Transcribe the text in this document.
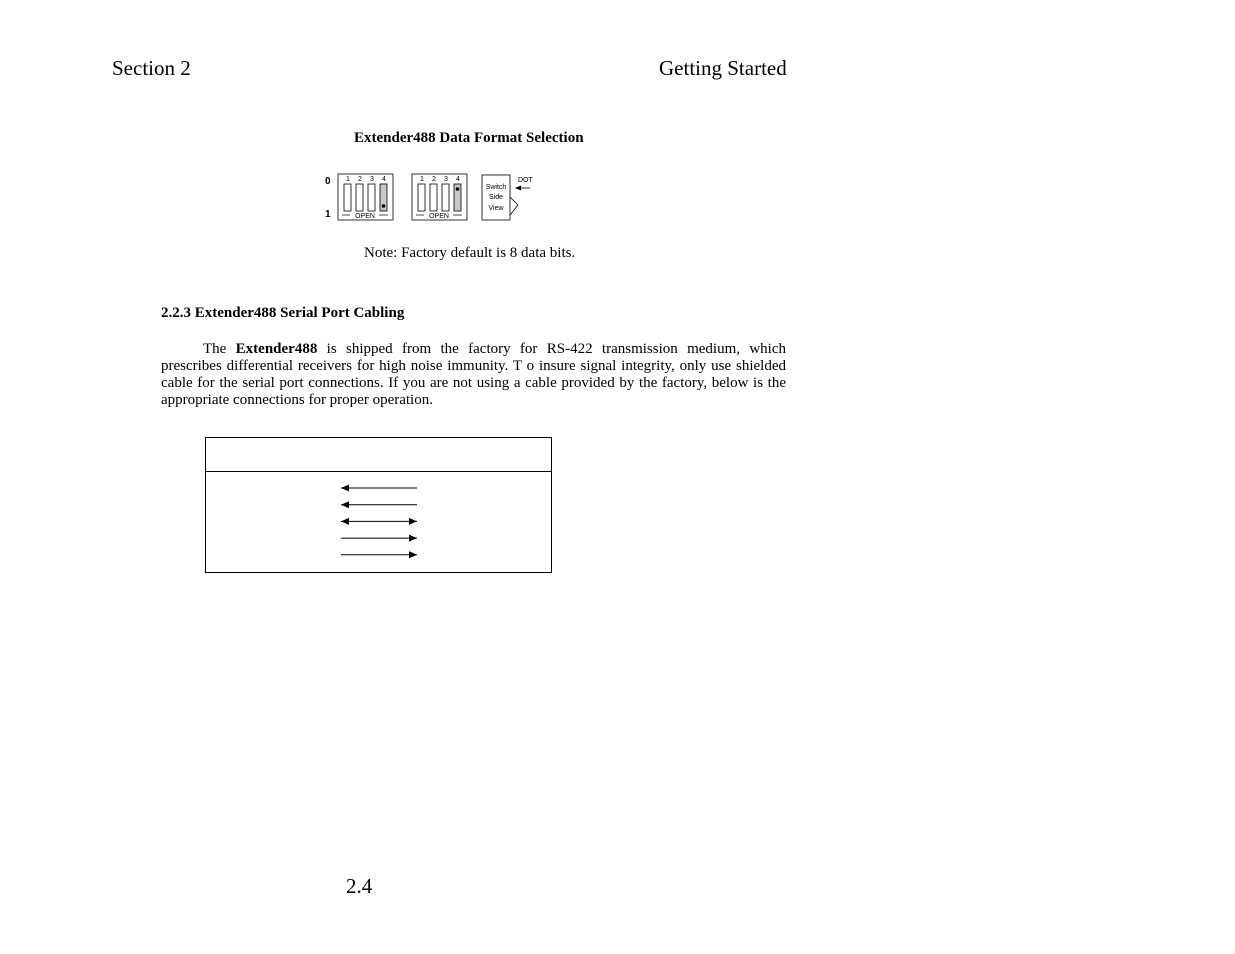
Section 2	Getting Started
Extender488 Data Format Selection
0
1
1 2 3 4
OPEN
1 2 3 4
OPEN
Switch
Side
View
DOT
Note: Factory default is 8 data bits.
2.2.3 Extender488 Serial Port Cabling
The Extender488 is shipped from the factory for RS-422 transmission medium, which prescribes differential receivers for high noise immunity. T o insure signal integrity, only use shielded cable for the serial port connections. If you are not using a cable provided by the factory, below is the appropriate connections for proper operation.
2.4
